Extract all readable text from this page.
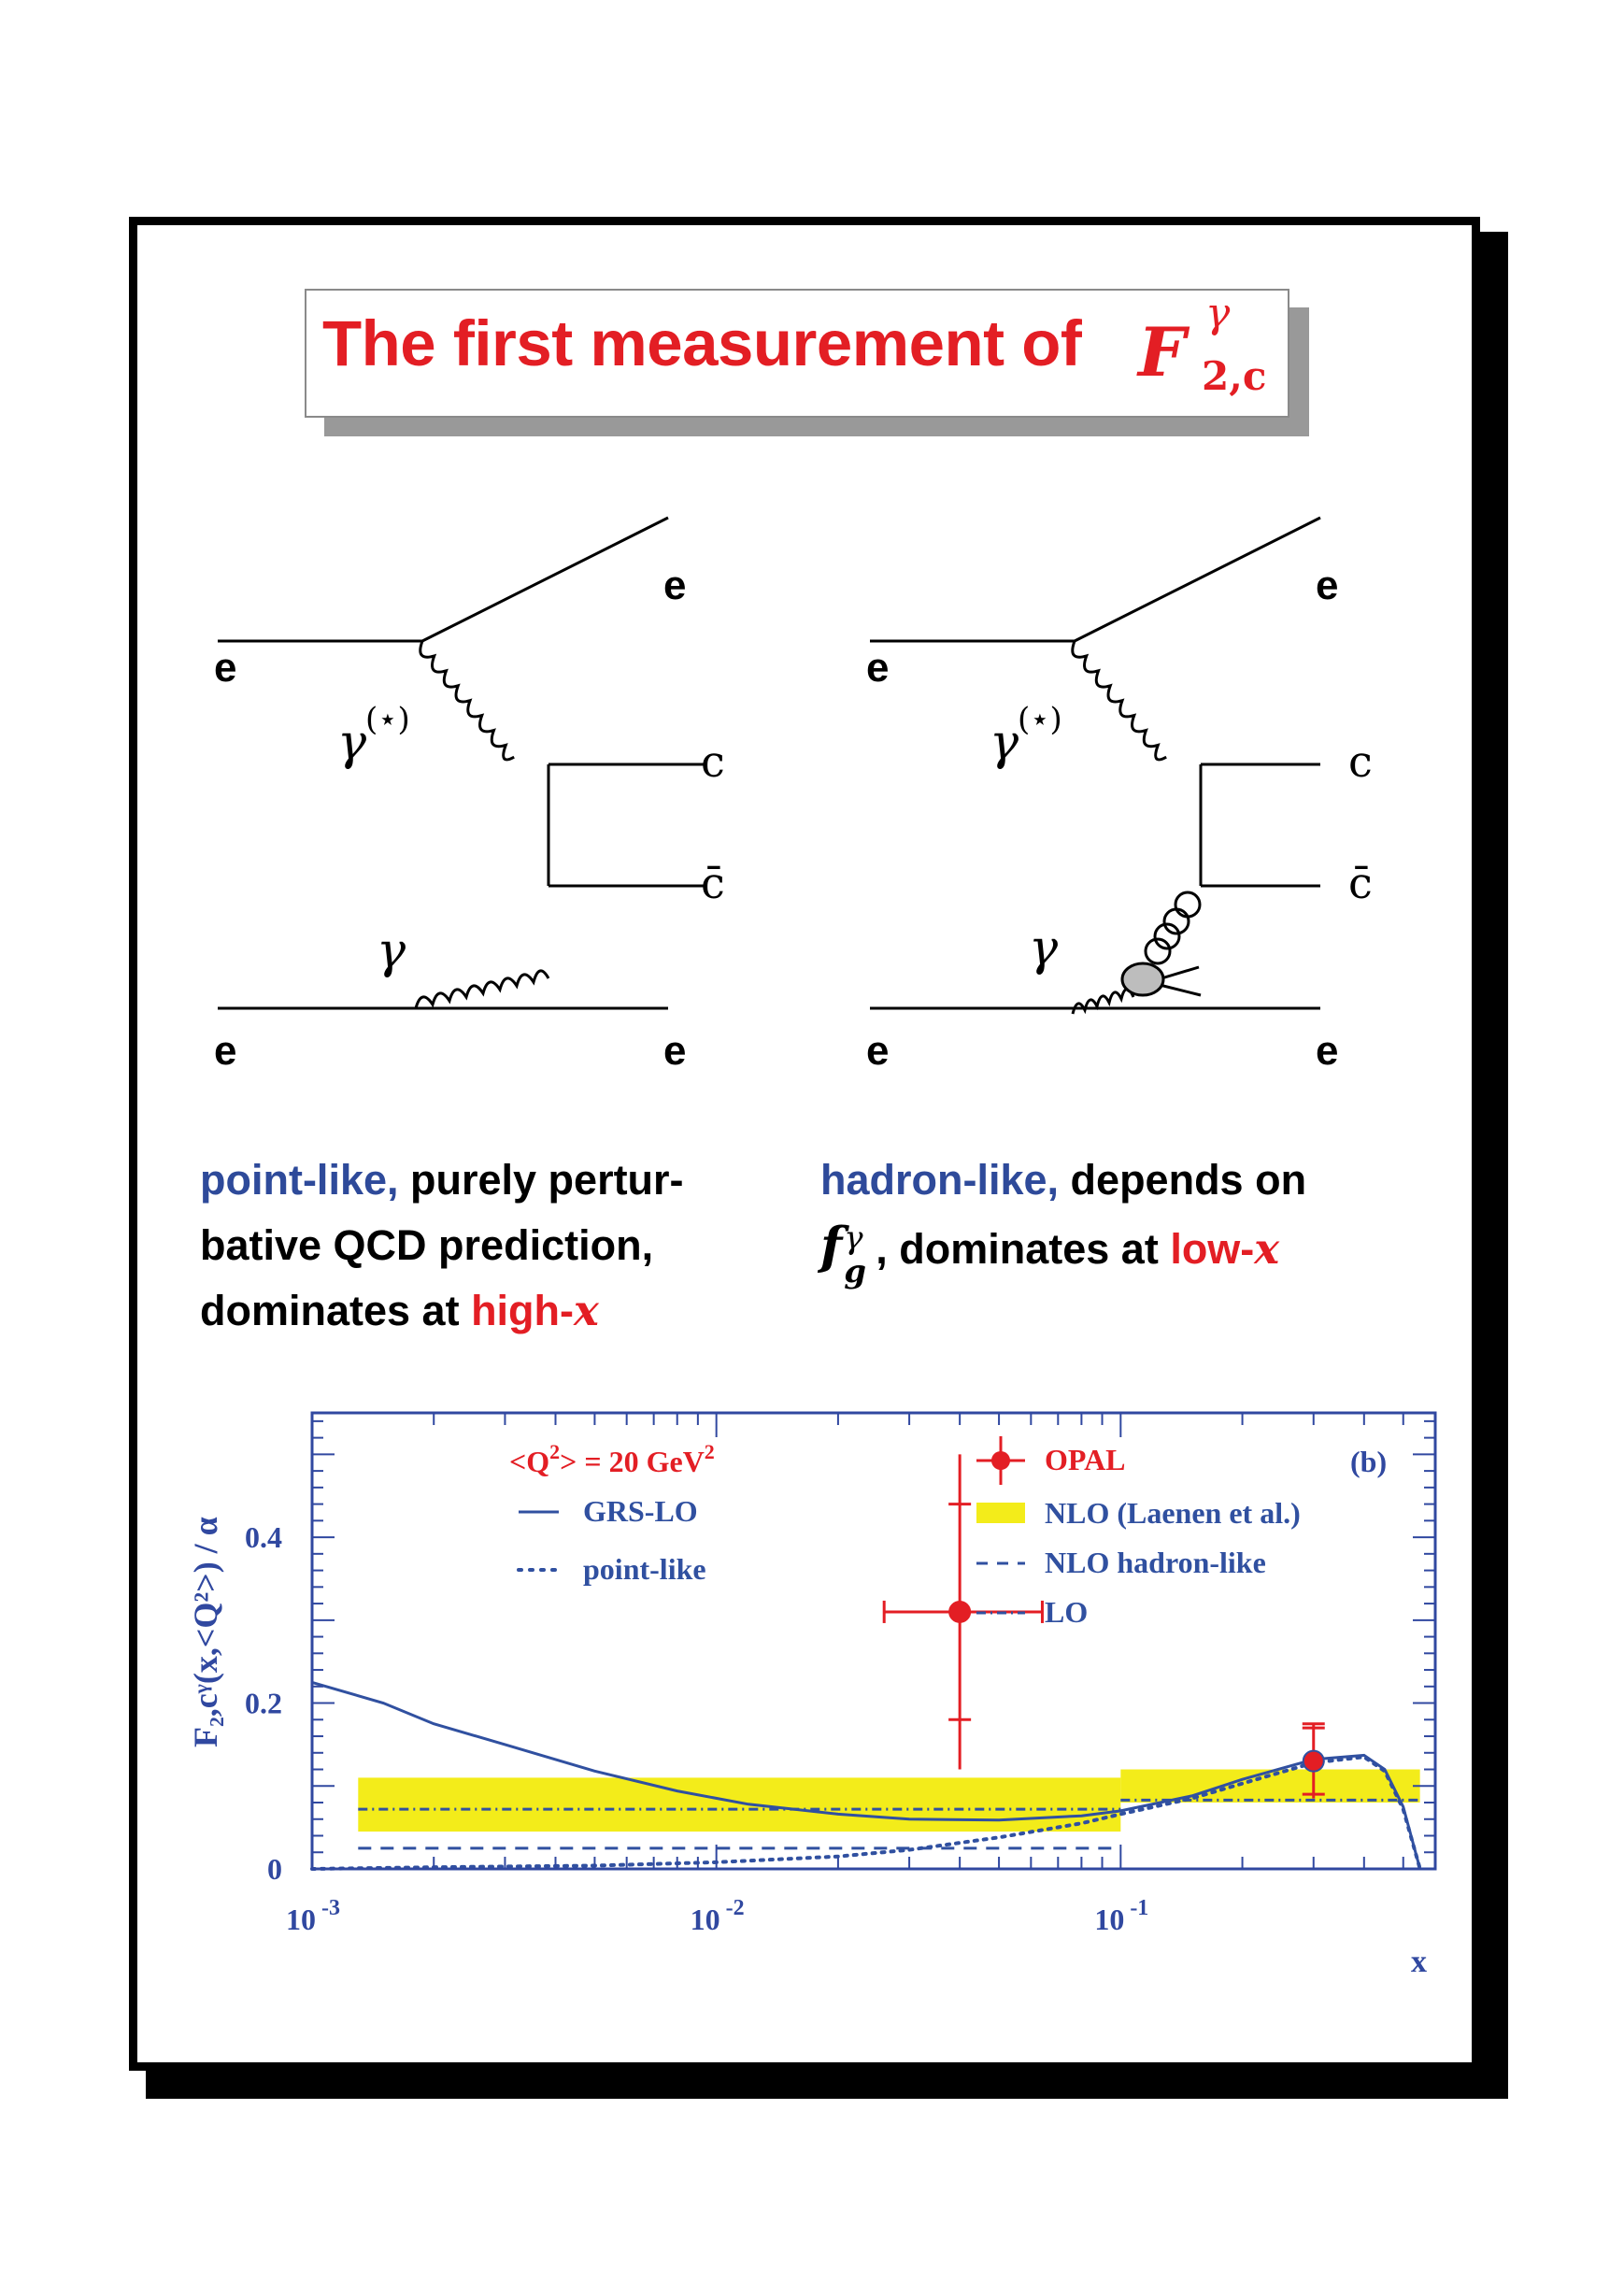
The first measurement of F γ
2,c
e
e
e	e
c
c̄
γ
(⋆)
γ
e
e
e	e
c
c̄
γ
(⋆)
γ
point-like, purely pertur-
bative QCD prediction,
dominates at high-x
hadron-like, depends on
f γ
g , dominates at low-x
10 $^{-3}$	10 $^{-2}$	10 $^{-1}$
0
0.2
0.4
GRS-LO
point-like
OPAL
NLO (Laenen et al.)
NLO hadron-like
LO
(b)
x
F₂,cᵞ(x,<Q²>) / α
$<Q^2> = 20$ GeV$^2$
